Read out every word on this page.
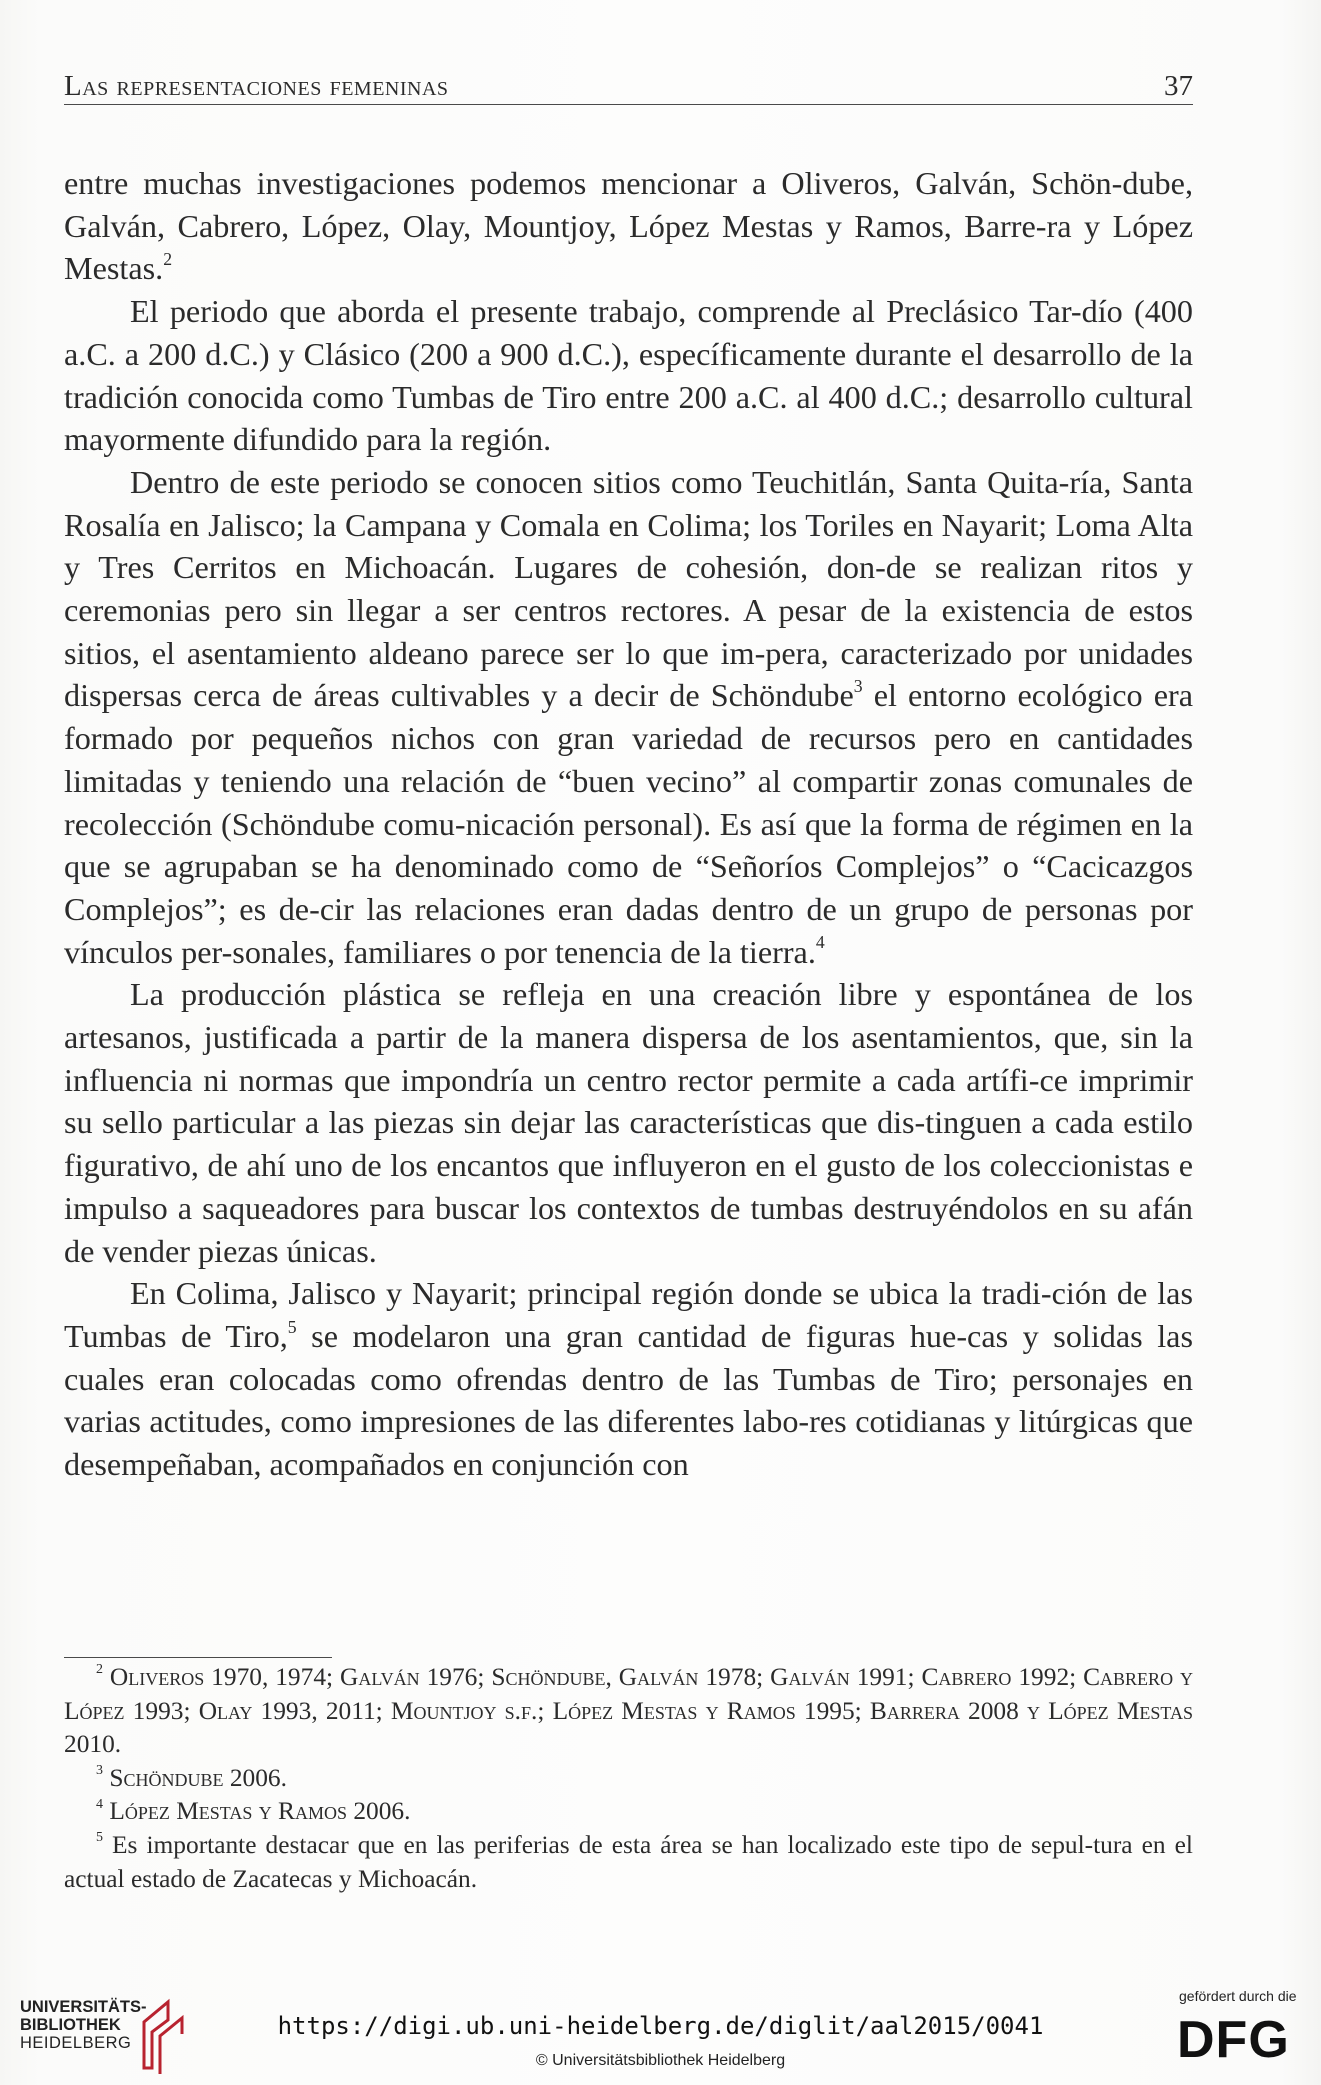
Las representaciones femeninas	37

entre muchas investigaciones podemos mencionar a Oliveros, Galván, Schön-dube, Galván, Cabrero, López, Olay, Mountjoy, López Mestas y Ramos, Barre-ra y López Mestas.$^2$

El periodo que aborda el presente trabajo, comprende al Preclásico Tar-dío (400 a.C. a 200 d.C.) y Clásico (200 a 900 d.C.), específicamente durante el desarrollo de la tradición conocida como Tumbas de Tiro entre 200 a.C. al 400 d.C.; desarrollo cultural mayormente difundido para la región.

Dentro de este periodo se conocen sitios como Teuchitlán, Santa Quita-ría, Santa Rosalía en Jalisco; la Campana y Comala en Colima; los Toriles en Nayarit; Loma Alta y Tres Cerritos en Michoacán. Lugares de cohesión, don-de se realizan ritos y ceremonias pero sin llegar a ser centros rectores. A pesar de la existencia de estos sitios, el asentamiento aldeano parece ser lo que im-pera, caracterizado por unidades dispersas cerca de áreas cultivables y a decir de Schöndube$^3$ el entorno ecológico era formado por pequeños nichos con gran variedad de recursos pero en cantidades limitadas y teniendo una relación de “buen vecino” al compartir zonas comunales de recolección (Schöndube comu-nicación personal). Es así que la forma de régimen en la que se agrupaban se ha denominado como de “Señoríos Complejos” o “Cacicazgos Complejos”; es de-cir las relaciones eran dadas dentro de un grupo de personas por vínculos per-sonales, familiares o por tenencia de la tierra.$^4$

La producción plástica se refleja en una creación libre y espontánea de los artesanos, justificada a partir de la manera dispersa de los asentamientos, que, sin la influencia ni normas que impondría un centro rector permite a cada artífi-ce imprimir su sello particular a las piezas sin dejar las características que dis-tinguen a cada estilo figurativo, de ahí uno de los encantos que influyeron en el gusto de los coleccionistas e impulso a saqueadores para buscar los contextos de tumbas destruyéndolos en su afán de vender piezas únicas.

En Colima, Jalisco y Nayarit; principal región donde se ubica la tradi-ción de las Tumbas de Tiro,$^5$ se modelaron una gran cantidad de figuras hue-cas y solidas las cuales eran colocadas como ofrendas dentro de las Tumbas de Tiro; personajes en varias actitudes, como impresiones de las diferentes labo-res cotidianas y litúrgicas que desempeñaban, acompañados en conjunción con

$^2$ Oliveros 1970, 1974; Galván 1976; Schöndube, Galván 1978; Galván 1991; Cabrero 1992; Cabrero y López 1993; Olay 1993, 2011; Mountjoy s.f.; López Mestas y Ramos 1995; Barrera 2008 y López Mestas 2010.

$^3$ Schöndube 2006.

$^4$ López Mestas y Ramos 2006.

$^5$ Es importante destacar que en las periferias de esta área se han localizado este tipo de sepul-tura en el actual estado de Zacatecas y Michoacán.

UNIVERSITÄTS-
BIBLIOTHEK
HEIDELBERG
https://digi.ub.uni-heidelberg.de/diglit/aal2015/0041
© Universitätsbibliothek Heidelberg
gefördert durch die
DFG
